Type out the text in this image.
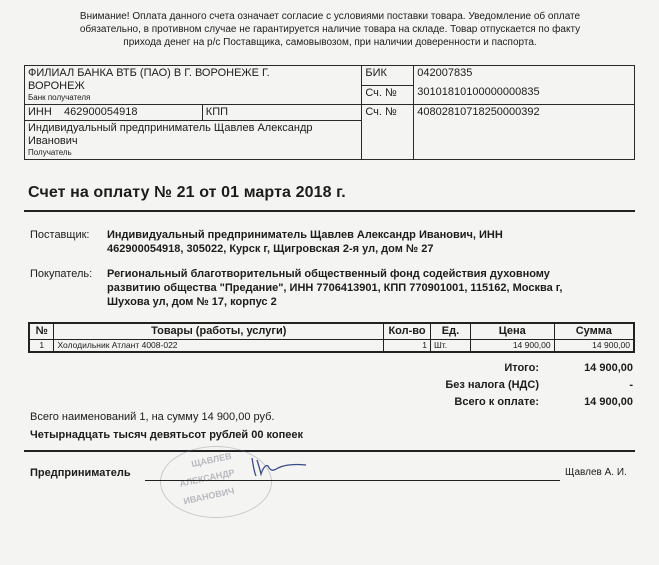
Внимание! Оплата данного счета означает согласие с условиями поставки товара. Уведомление об оплате
обязательно, в противном случае не гарантируется наличие товара на складе. Товар отпускается по факту
прихода денег на р/с Поставщика, самовывозом, при наличии доверенности и паспорта.
ФИЛИАЛ БАНКА ВТБ (ПАО) В Г. ВОРОНЕЖЕ Г.
ВОРОНЕЖ
Банк получателя		БИК	042007835
		Сч. №	30101810100000000835
ИНН 462900054918	КПП	Сч. №	40802810718250000392

Индивидуальный предприниматель Щавлев Александр
Иванович
Получатель			
Счет на оплату № 21 от 01 марта 2018 г.
Поставщик:	Индивидуальный предприниматель Щавлев Александр Иванович, ИНН
462900054918, 305022, Курск г, Щигровская 2-я ул, дом № 27
Покупатель:	Региональный благотворительный общественный фонд содействия духовному
развитию общества "Предание", ИНН 7706413901, КПП 770901001, 115162, Москва г,
Шухова ул, дом № 17, корпус 2
№	Товары (работы, услуги)	Кол-во	Ед.	Цена	Сумма
1	Холодильник Атлант 4008-022	1	Шт.	14 900,00	14 900,00
Итого:	14 900,00
Без налога (НДС)	-
Всего к оплате:	14 900,00
Всего наименований 1, на сумму 14 900,00 руб.
Четырнадцать тысяч девятьсот рублей 00 копеек
ЩАВЛЕВ
АЛЕКСАНДР
ИВАНОВИЧ
Предприниматель	Щавлев А. И.
